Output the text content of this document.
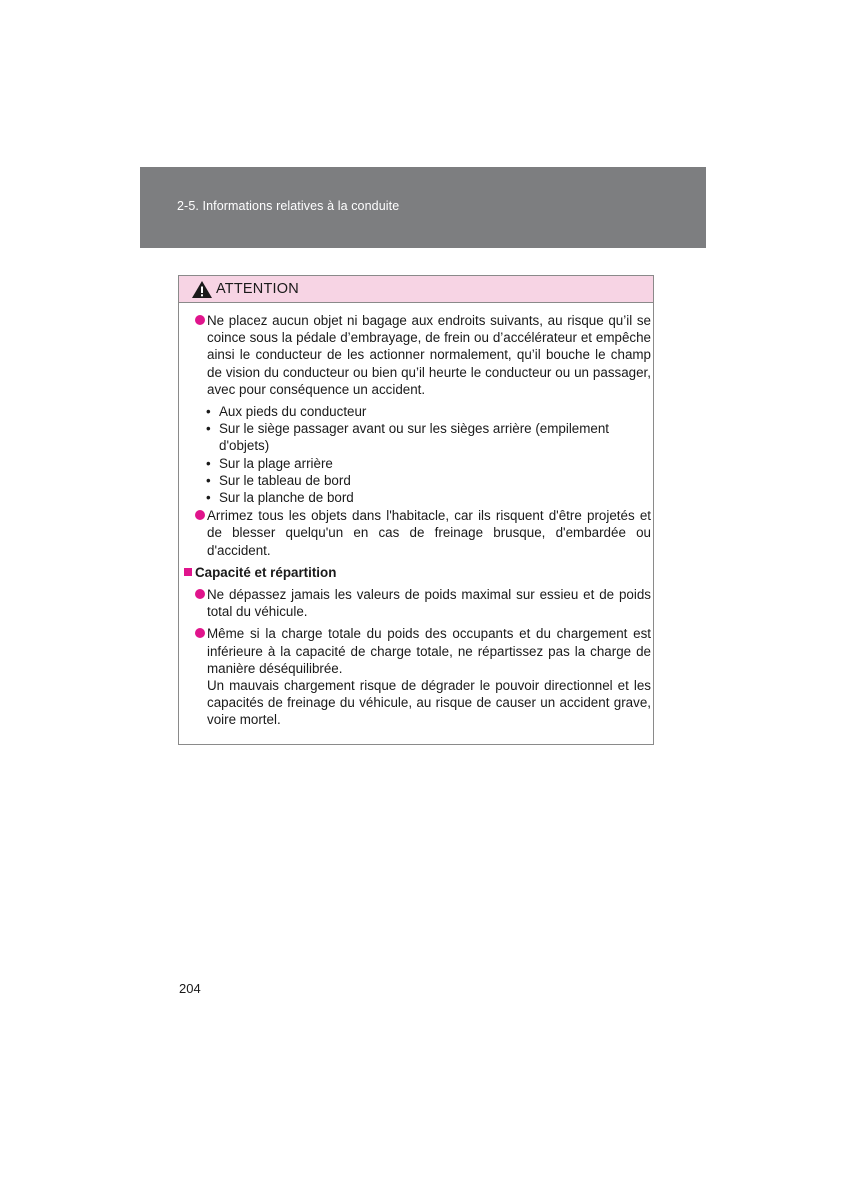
2-5. Informations relatives à la conduite
ATTENTION
Ne placez aucun objet ni bagage aux endroits suivants, au risque qu’il se coince sous la pédale d’embrayage, de frein ou d’accélérateur et empêche ainsi le conducteur de les actionner normalement, qu’il bouche le champ de vision du conducteur ou bien qu’il heurte le conducteur ou un passager, avec pour conséquence un accident.
• Aux pieds du conducteur
• Sur le siège passager avant ou sur les sièges arrière (empilement d'objets)
• Sur la plage arrière
• Sur le tableau de bord
• Sur la planche de bord
Arrimez tous les objets dans l'habitacle, car ils risquent d'être projetés et de blesser quelqu'un en cas de freinage brusque, d'embardée ou d'accident.
Capacité et répartition
Ne dépassez jamais les valeurs de poids maximal sur essieu et de poids total du véhicule.
Même si la charge totale du poids des occupants et du chargement est inférieure à la capacité de charge totale, ne répartissez pas la charge de manière déséquilibrée.
Un mauvais chargement risque de dégrader le pouvoir directionnel et les capacités de freinage du véhicule, au risque de causer un accident grave, voire mortel.
204
